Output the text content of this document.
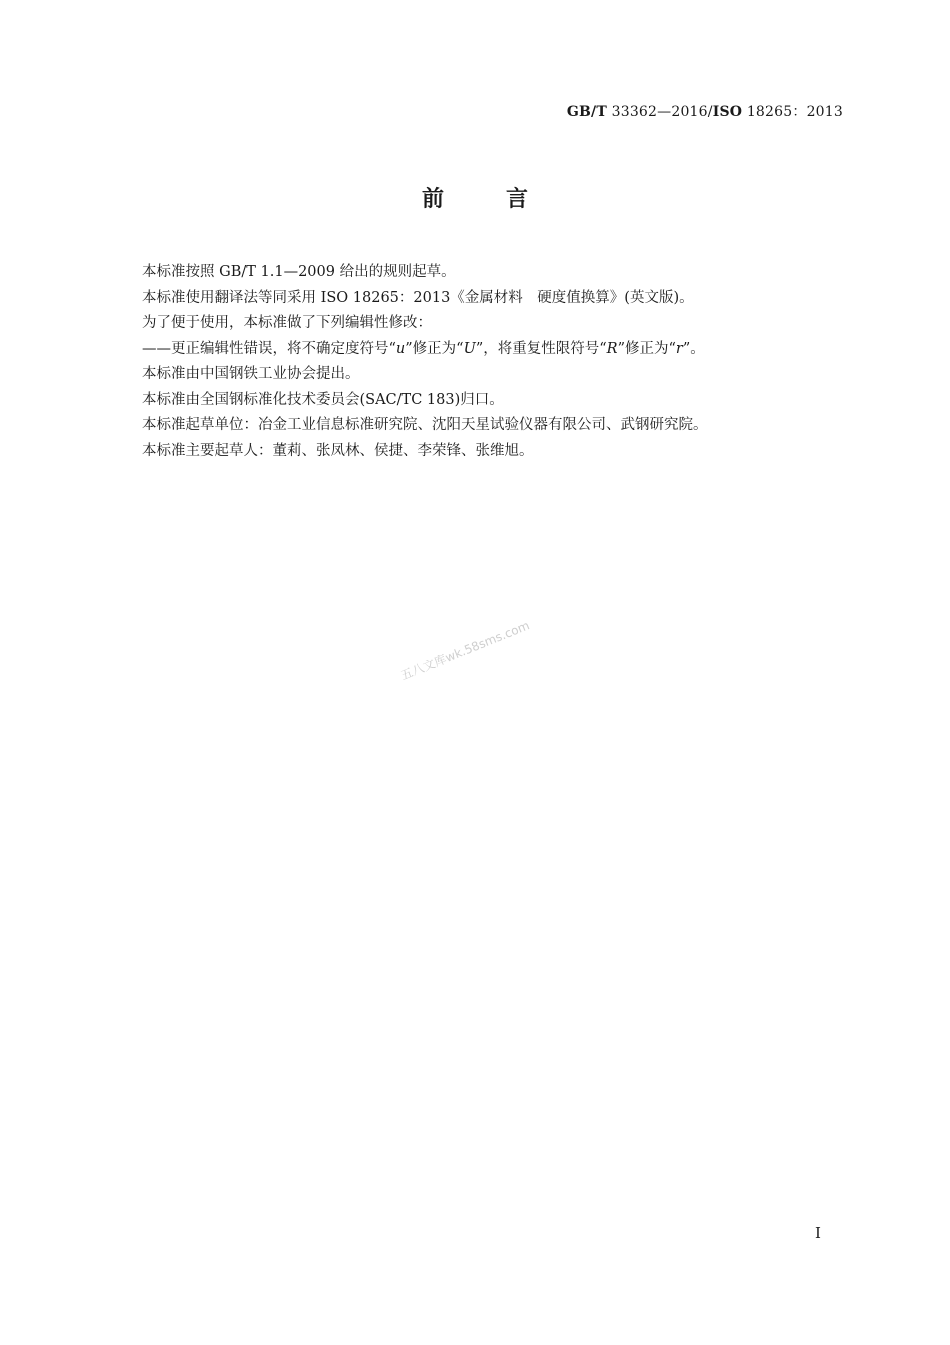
GB/T 33362—2016/ISO 18265：2013
前言

本标准按照 GB/T 1.1—2009 给出的规则起草。

本标准使用翻译法等同采用 ISO 18265：2013《金属材料　硬度值换算》(英文版)。

为了便于使用，本标准做了下列编辑性修改：

——更正编辑性错误，将不确定度符号“u”修正为“U”，将重复性限符号“R”修正为“r”。

本标准由中国钢铁工业协会提出。

本标准由全国钢标准化技术委员会(SAC/TC 183)归口。

本标准起草单位：冶金工业信息标准研究院、沈阳天星试验仪器有限公司、武钢研究院。

本标准主要起草人：董莉、张凤林、侯捷、李荣锋、张维旭。

五八文库wk.58sms.com
Ⅰ
